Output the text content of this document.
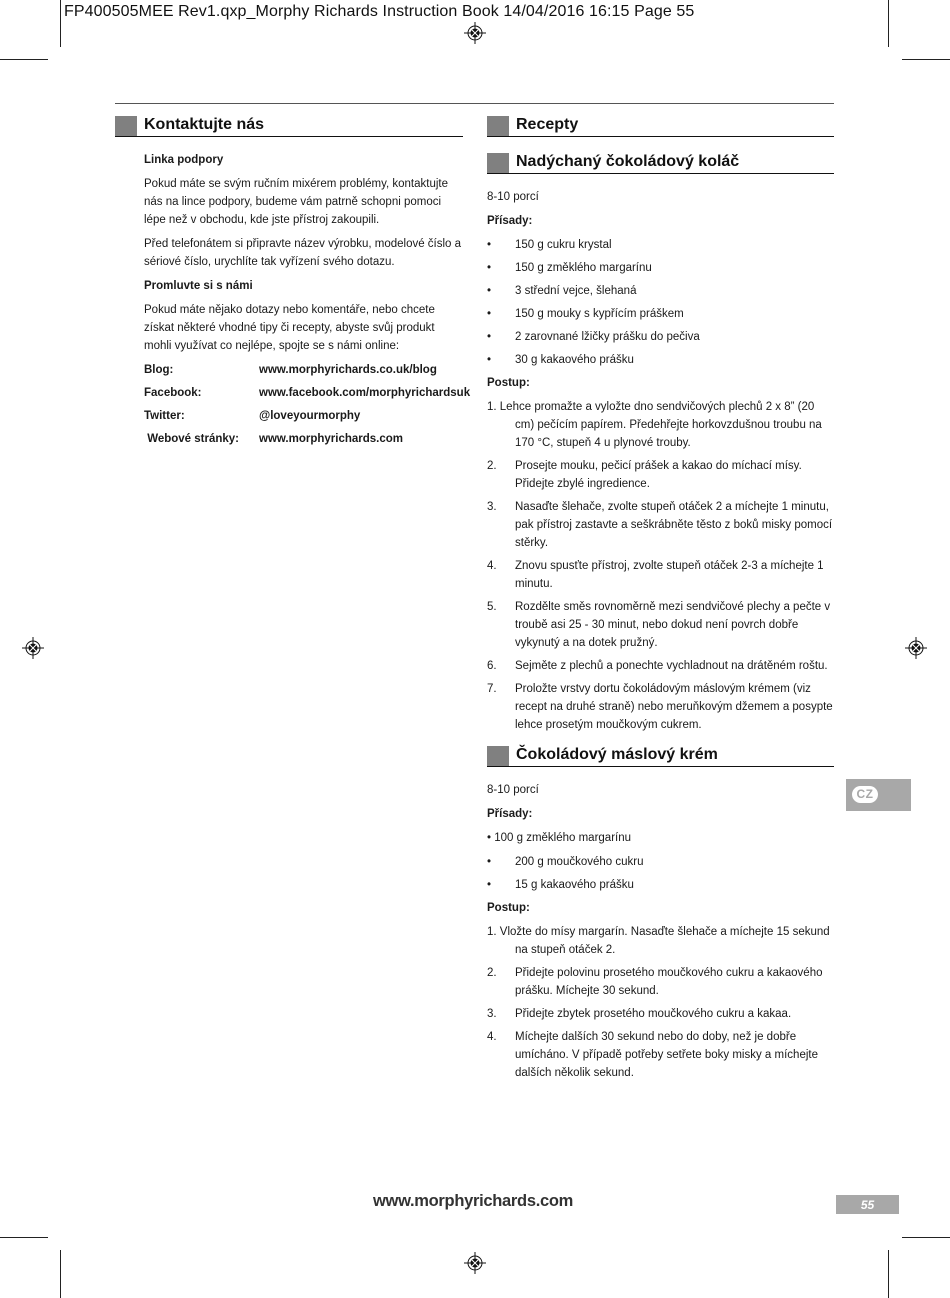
FP400505MEE Rev1.qxp_Morphy Richards Instruction Book 14/04/2016 16:15 Page 55
Kontaktujte nás
Linka podpory
Pokud máte se svým ručním mixérem problémy, kontaktujte nás na lince podpory, budeme vám patrně schopni pomoci lépe než v obchodu, kde jste přístroj zakoupili.
Před telefonátem si připravte název výrobku, modelové číslo a sériové číslo, urychlíte tak vyřízení svého dotazu.
Promluvte si s námi
Pokud máte nějako dotazy nebo komentáře, nebo chcete získat některé vhodné tipy či recepty, abyste svůj produkt mohli využívat co nejlépe, spojte se s námi online:
Blog:	www.morphyrichards.co.uk/blog
Facebook:	www.facebook.com/morphyrichardsuk
Twitter:	@loveyourmorphy
Webové stránky:	www.morphyrichards.com
Recepty
Nadýchaný čokoládový koláč
8-10 porcí
Přísady:
• 150 g cukru krystal
• 150 g změklého margarínu
• 3 střední vejce, šlehaná
• 150 g mouky s kypřícím práškem
• 2 zarovnané lžičky prášku do pečiva
• 30 g kakaového prášku
Postup:
1. Lehce promažte a vyložte dno sendvičových plechů 2 x 8” (20 cm) pečícím papírem. Předehřejte horkovzdušnou troubu na 170 °C, stupeň 4 u plynové trouby.
2. Prosejte mouku, pečicí prášek a kakao do míchací mísy. Přidejte zbylé ingredience.
3. Nasaďte šlehače, zvolte stupeň otáček 2 a míchejte 1 minutu, pak přístroj zastavte a seškrábněte těsto z boků misky pomocí stěrky.
4. Znovu spusťte přístroj, zvolte stupeň otáček 2-3 a míchejte 1 minutu.
5. Rozdělte směs rovnoměrně mezi sendvičové plechy a pečte v troubě asi 25 - 30 minut, nebo dokud není povrch dobře vykynutý a na dotek pružný.
6. Sejměte z plechů a ponechte vychladnout na drátěném roštu.
7. Proložte vrstvy dortu čokoládovým máslovým krémem (viz recept na druhé straně) nebo meruňkovým džemem a posypte lehce prosetým moučkovým cukrem.
Čokoládový máslový krém
8-10 porcí
Přísady:
• 100 g změklého margarínu
• 200 g moučkového cukru
• 15 g kakaového prášku
Postup:
1. Vložte do mísy margarín. Nasaďte šlehače a míchejte 15 sekund na stupeň otáček 2.
2. Přidejte polovinu prosetého moučkového cukru a kakaového prášku. Míchejte 30 sekund.
3. Přidejte zbytek prosetého moučkového cukru a kakaa.
4. Míchejte dalších 30 sekund nebo do doby, než je dobře umícháno. V případě potřeby setřete boky misky a míchejte dalších několik sekund.
CZ
www.morphyrichards.com	55
